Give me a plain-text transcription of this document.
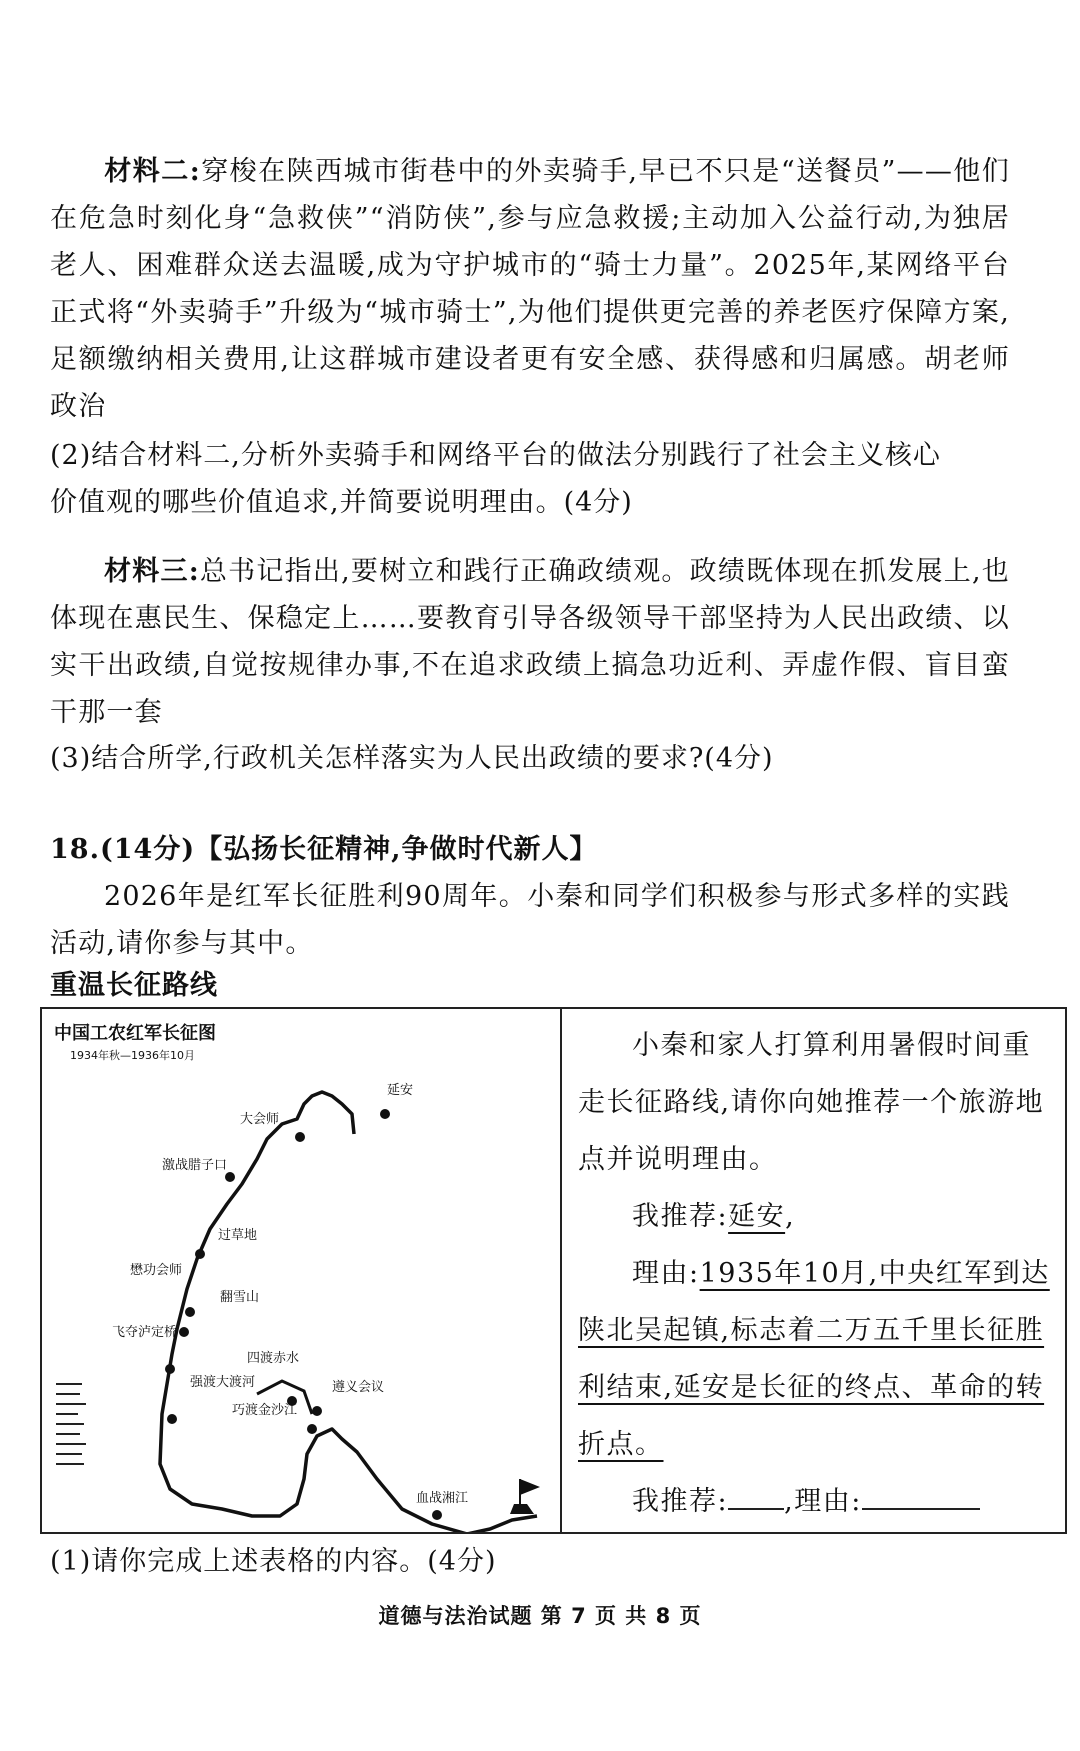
材料二:穿梭在陕西城市街巷中的外卖骑手,早已不只是“送餐员”——他们在危急时刻化身“急救侠”“消防侠”,参与应急救援;主动加入公益行动,为独居老人、困难群众送去温暖,成为守护城市的“骑士力量”。2025年,某网络平台正式将“外卖骑手”升级为“城市骑士”,为他们提供更完善的养老医疗保障方案,足额缴纳相关费用,让这群城市建设者更有安全感、获得感和归属感。胡老师政治

(2)结合材料二,分析外卖骑手和网络平台的做法分别践行了社会主义核心

价值观的哪些价值追求,并简要说明理由。(4分)

材料三:总书记指出,要树立和践行正确政绩观。政绩既体现在抓发展上,也体现在惠民生、保稳定上……要教育引导各级领导干部坚持为人民出政绩、以实干出政绩,自觉按规律办事,不在追求政绩上搞急功近利、弄虚作假、盲目蛮干那一套

(3)结合所学,行政机关怎样落实为人民出政绩的要求?(4分)

18.(14分)【弘扬长征精神,争做时代新人】

2026年是红军长征胜利90周年。小秦和同学们积极参与形式多样的实践活动,请你参与其中。

重温长征路线

中国工农红军长征图
1934年秋—1936年10月
延安
大会师
激战腊子口
过草地
懋功会师
翻雪山
飞夺泸定桥
四渡赤水
强渡大渡河	遵义会议
巧渡金沙江
血战湘江

小秦和家人打算利用暑假时间重走长征路线,请你向她推荐一个旅游地点并说明理由。

我推荐:延安,

理由:1935年10月,中央红军到达陕北吴起镇,标志着二万五千里长征胜利结束,延安是长征的终点、革命的转折点。

我推荐: ,理由:

(1)请你完成上述表格的内容。(4分)

道德与法治试题 第 7 页 共 8 页
